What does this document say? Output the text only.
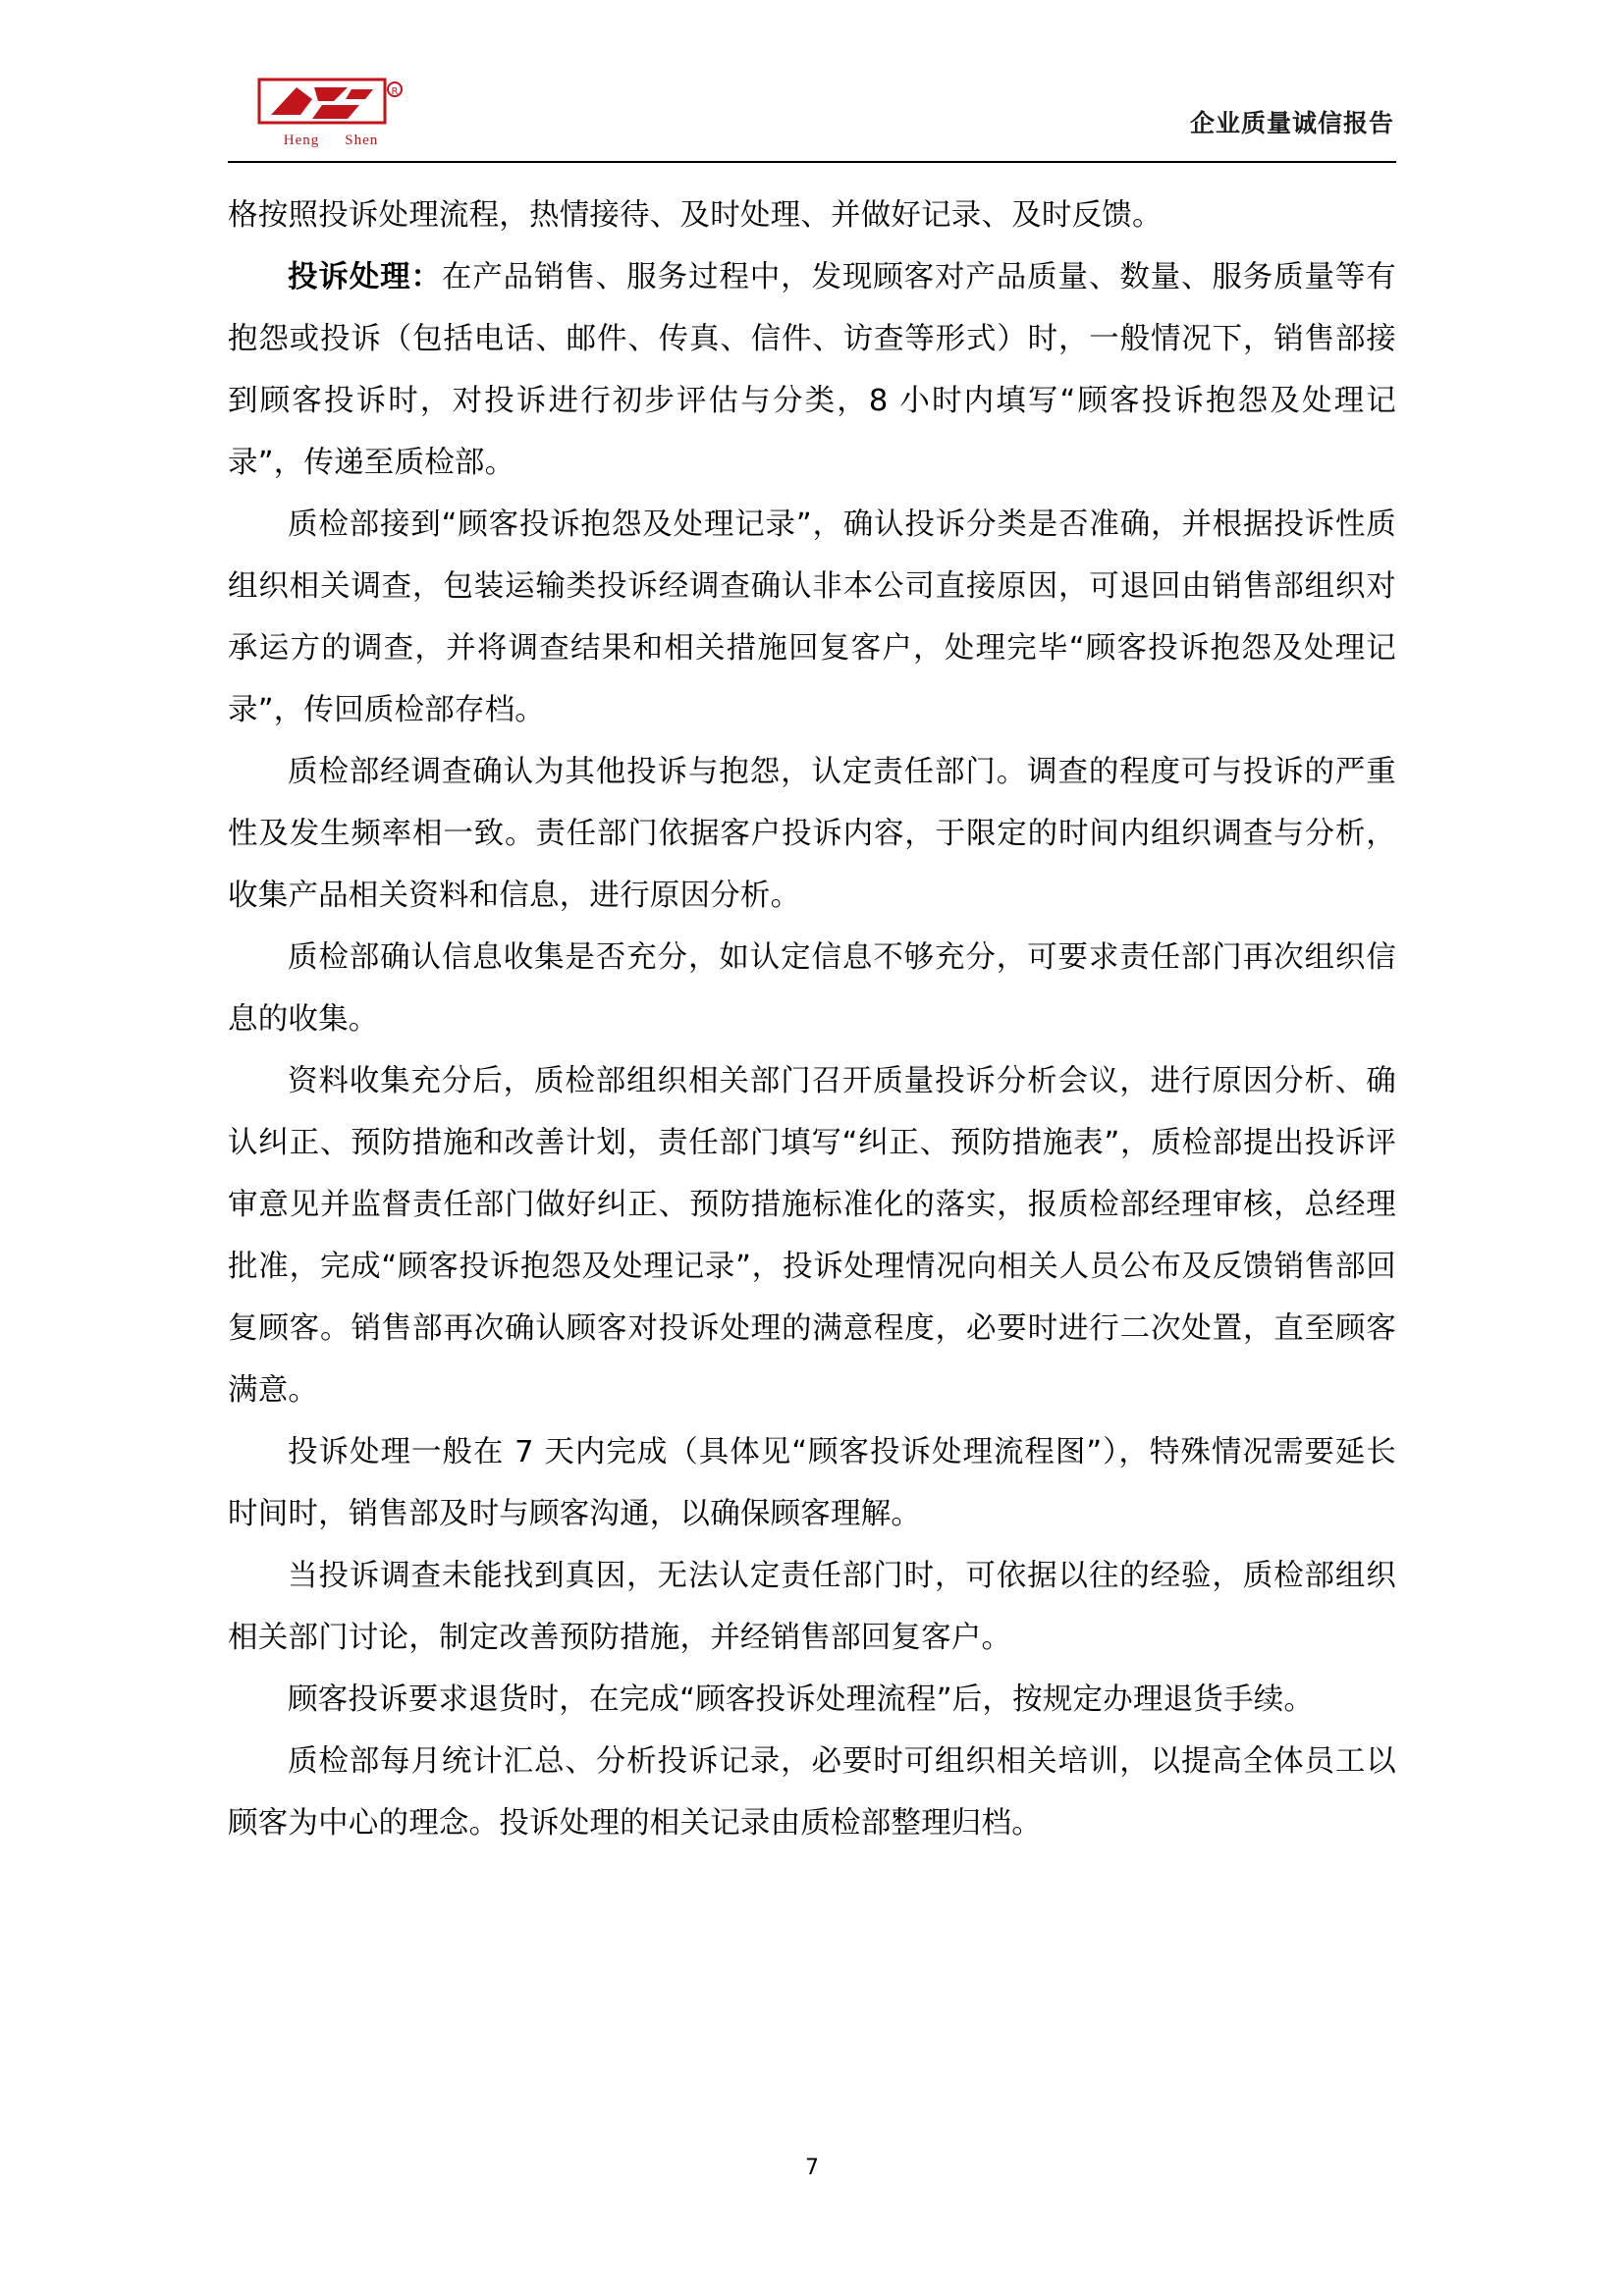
R
Heng Shen
企业质量诚信报告

格按照投诉处理流程，热情接待、及时处理、并做好记录、及时反馈。

投诉处理：在产品销售、服务过程中，发现顾客对产品质量、数量、服务质量等有抱怨或投诉（包括电话、邮件、传真、信件、访查等形式）时，一般情况下，销售部接到顾客投诉时，对投诉进行初步评估与分类，8 小时内填写“顾客投诉抱怨及处理记录”，传递至质检部。

质检部接到“顾客投诉抱怨及处理记录”，确认投诉分类是否准确，并根据投诉性质组织相关调查，包装运输类投诉经调查确认非本公司直接原因，可退回由销售部组织对承运方的调查，并将调查结果和相关措施回复客户，处理完毕“顾客投诉抱怨及处理记录”，传回质检部存档。

质检部经调查确认为其他投诉与抱怨，认定责任部门。调查的程度可与投诉的严重性及发生频率相一致。责任部门依据客户投诉内容，于限定的时间内组织调查与分析，收集产品相关资料和信息，进行原因分析。

质检部确认信息收集是否充分，如认定信息不够充分，可要求责任部门再次组织信息的收集。

资料收集充分后，质检部组织相关部门召开质量投诉分析会议，进行原因分析、确认纠正、预防措施和改善计划，责任部门填写“纠正、预防措施表”，质检部提出投诉评审意见并监督责任部门做好纠正、预防措施标准化的落实，报质检部经理审核，总经理批准，完成“顾客投诉抱怨及处理记录”，投诉处理情况向相关人员公布及反馈销售部回复顾客。销售部再次确认顾客对投诉处理的满意程度，必要时进行二次处置，直至顾客满意。

投诉处理一般在 7 天内完成（具体见“顾客投诉处理流程图”），特殊情况需要延长时间时，销售部及时与顾客沟通，以确保顾客理解。

当投诉调查未能找到真因，无法认定责任部门时，可依据以往的经验，质检部组织相关部门讨论，制定改善预防措施，并经销售部回复客户。

顾客投诉要求退货时，在完成“顾客投诉处理流程”后，按规定办理退货手续。

质检部每月统计汇总、分析投诉记录，必要时可组织相关培训，以提高全体员工以顾客为中心的理念。投诉处理的相关记录由质检部整理归档。

7
